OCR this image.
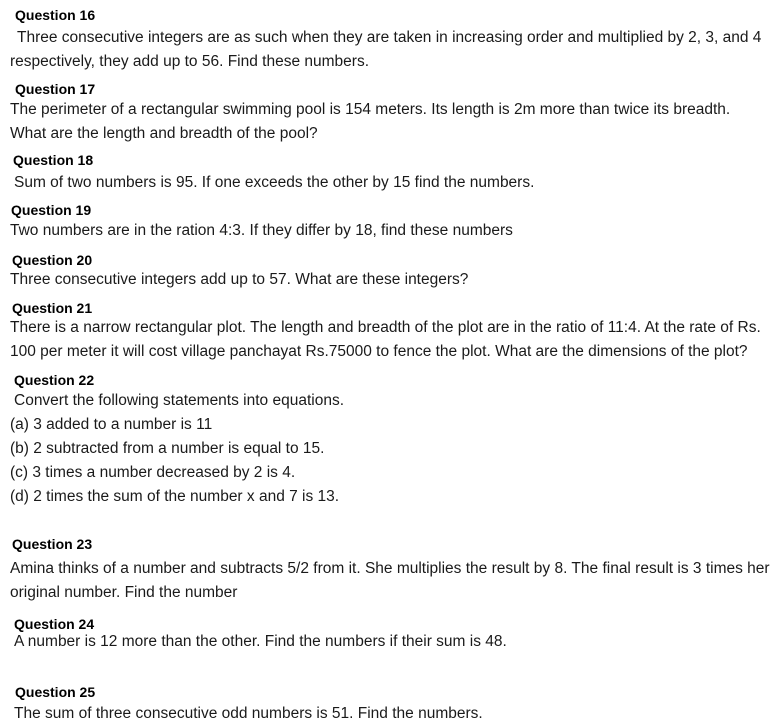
Question 16
Three consecutive integers are as such when they are taken in increasing order and multiplied by 2, 3, and 4
respectively, they add up to 56. Find these numbers.
Question 17
The perimeter of a rectangular swimming pool is 154 meters. Its length is 2m more than twice its breadth.
What are the length and breadth of the pool?
Question 18
Sum of two numbers is 95. If one exceeds the other by 15 find the numbers.
Question 19
Two numbers are in the ration 4:3. If they differ by 18, find these numbers
Question 20
Three consecutive integers add up to 57. What are these integers?
Question 21
There is a narrow rectangular plot. The length and breadth of the plot are in the ratio of 11:4. At the rate of Rs.
100 per meter it will cost village panchayat Rs.75000 to fence the plot. What are the dimensions of the plot?
Question 22
Convert the following statements into equations.
(a) 3 added to a number is 11
(b) 2 subtracted from a number is equal to 15.
(c) 3 times a number decreased by 2 is 4.
(d) 2 times the sum of the number x and 7 is 13.
Question 23
Amina thinks of a number and subtracts 5/2 from it. She multiplies the result by 8. The final result is 3 times her
original number. Find the number
Question 24
A number is 12 more than the other. Find the numbers if their sum is 48.
Question 25
The sum of three consecutive odd numbers is 51. Find the numbers.
